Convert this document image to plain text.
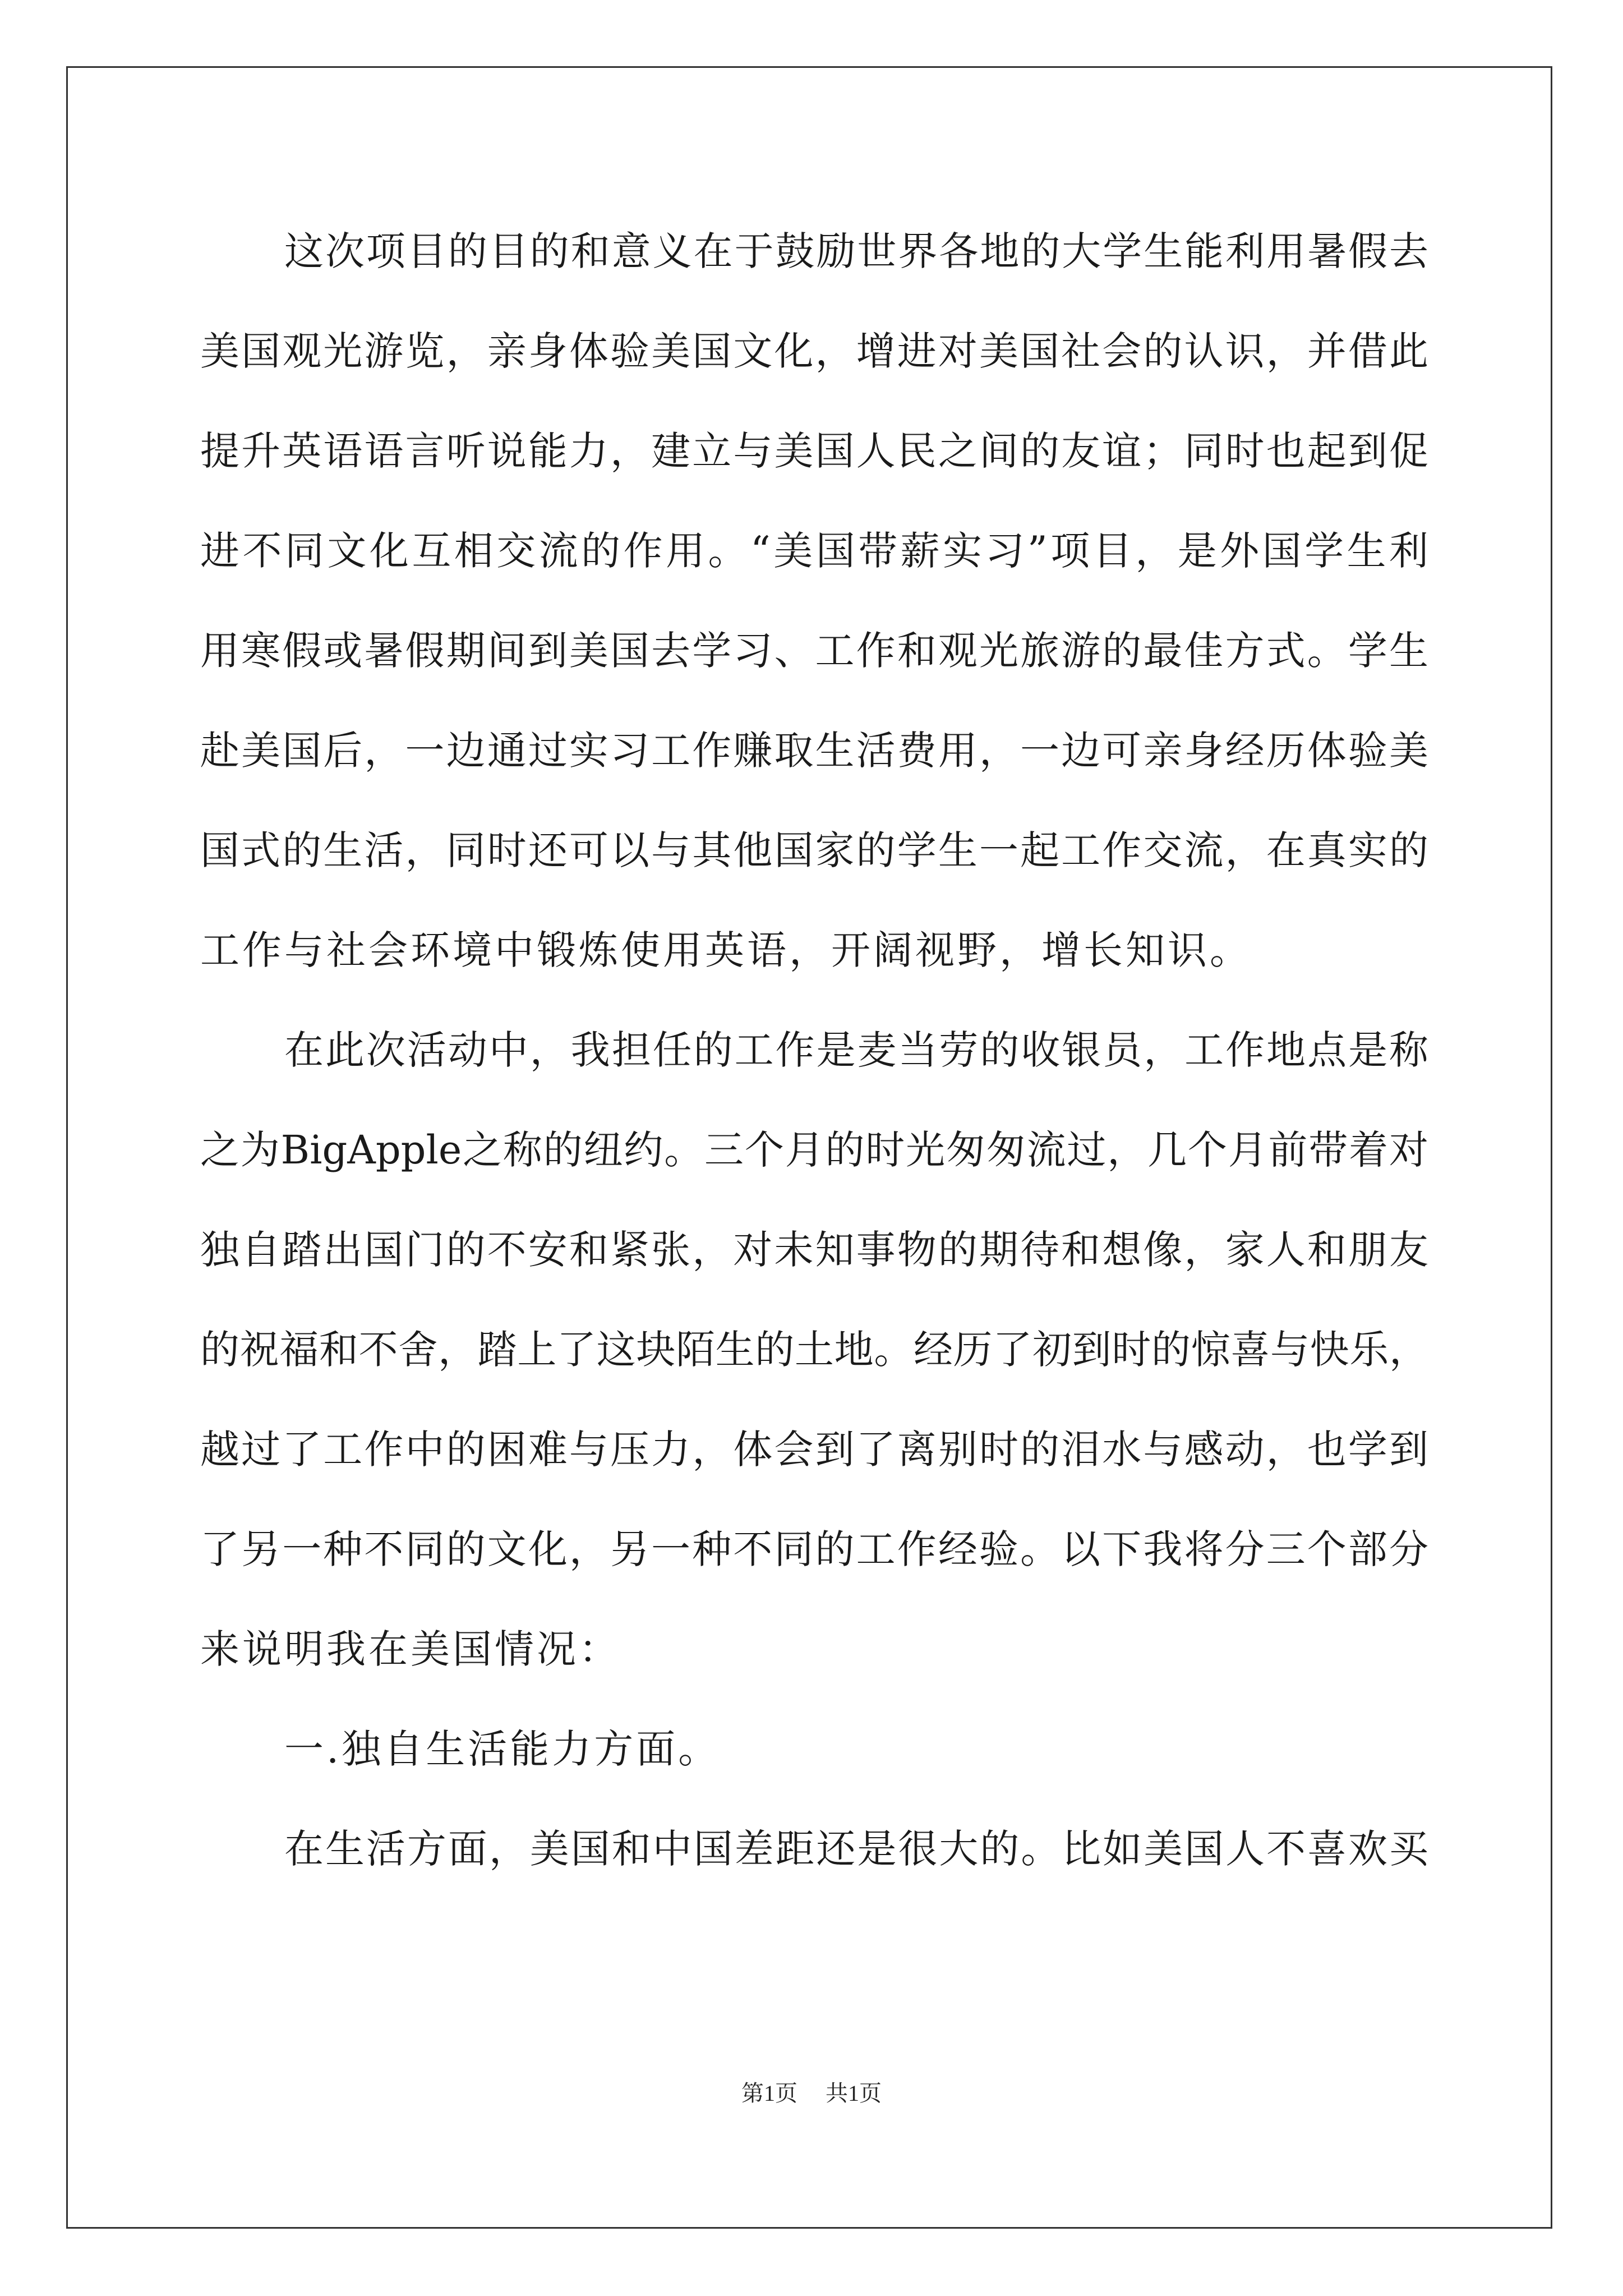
这次项目的目的和意义在于鼓励世界各地的大学生能利用暑假去
美国观光游览，亲身体验美国文化，增进对美国社会的认识，并借此
提升英语语言听说能力，建立与美国人民之间的友谊；同时也起到促
进不同文化互相交流的作用。“美国带薪实习”项目，是外国学生利
用寒假或暑假期间到美国去学习、工作和观光旅游的最佳方式。学生
赴美国后，一边通过实习工作赚取生活费用，一边可亲身经历体验美
国式的生活，同时还可以与其他国家的学生一起工作交流，在真实的
工作与社会环境中锻炼使用英语，开阔视野，增长知识。
在此次活动中，我担任的工作是麦当劳的收银员，工作地点是称
之为BigApple之称的纽约。三个月的时光匆匆流过，几个月前带着对
独自踏出国门的不安和紧张，对未知事物的期待和想像，家人和朋友
的祝福和不舍，踏上了这块陌生的土地。经历了初到时的惊喜与快乐，
越过了工作中的困难与压力，体会到了离别时的泪水与感动，也学到
了另一种不同的文化，另一种不同的工作经验。以下我将分三个部分
来说明我在美国情况：
一.独自生活能力方面。
在生活方面，美国和中国差距还是很大的。比如美国人不喜欢买
第1页 共1页
